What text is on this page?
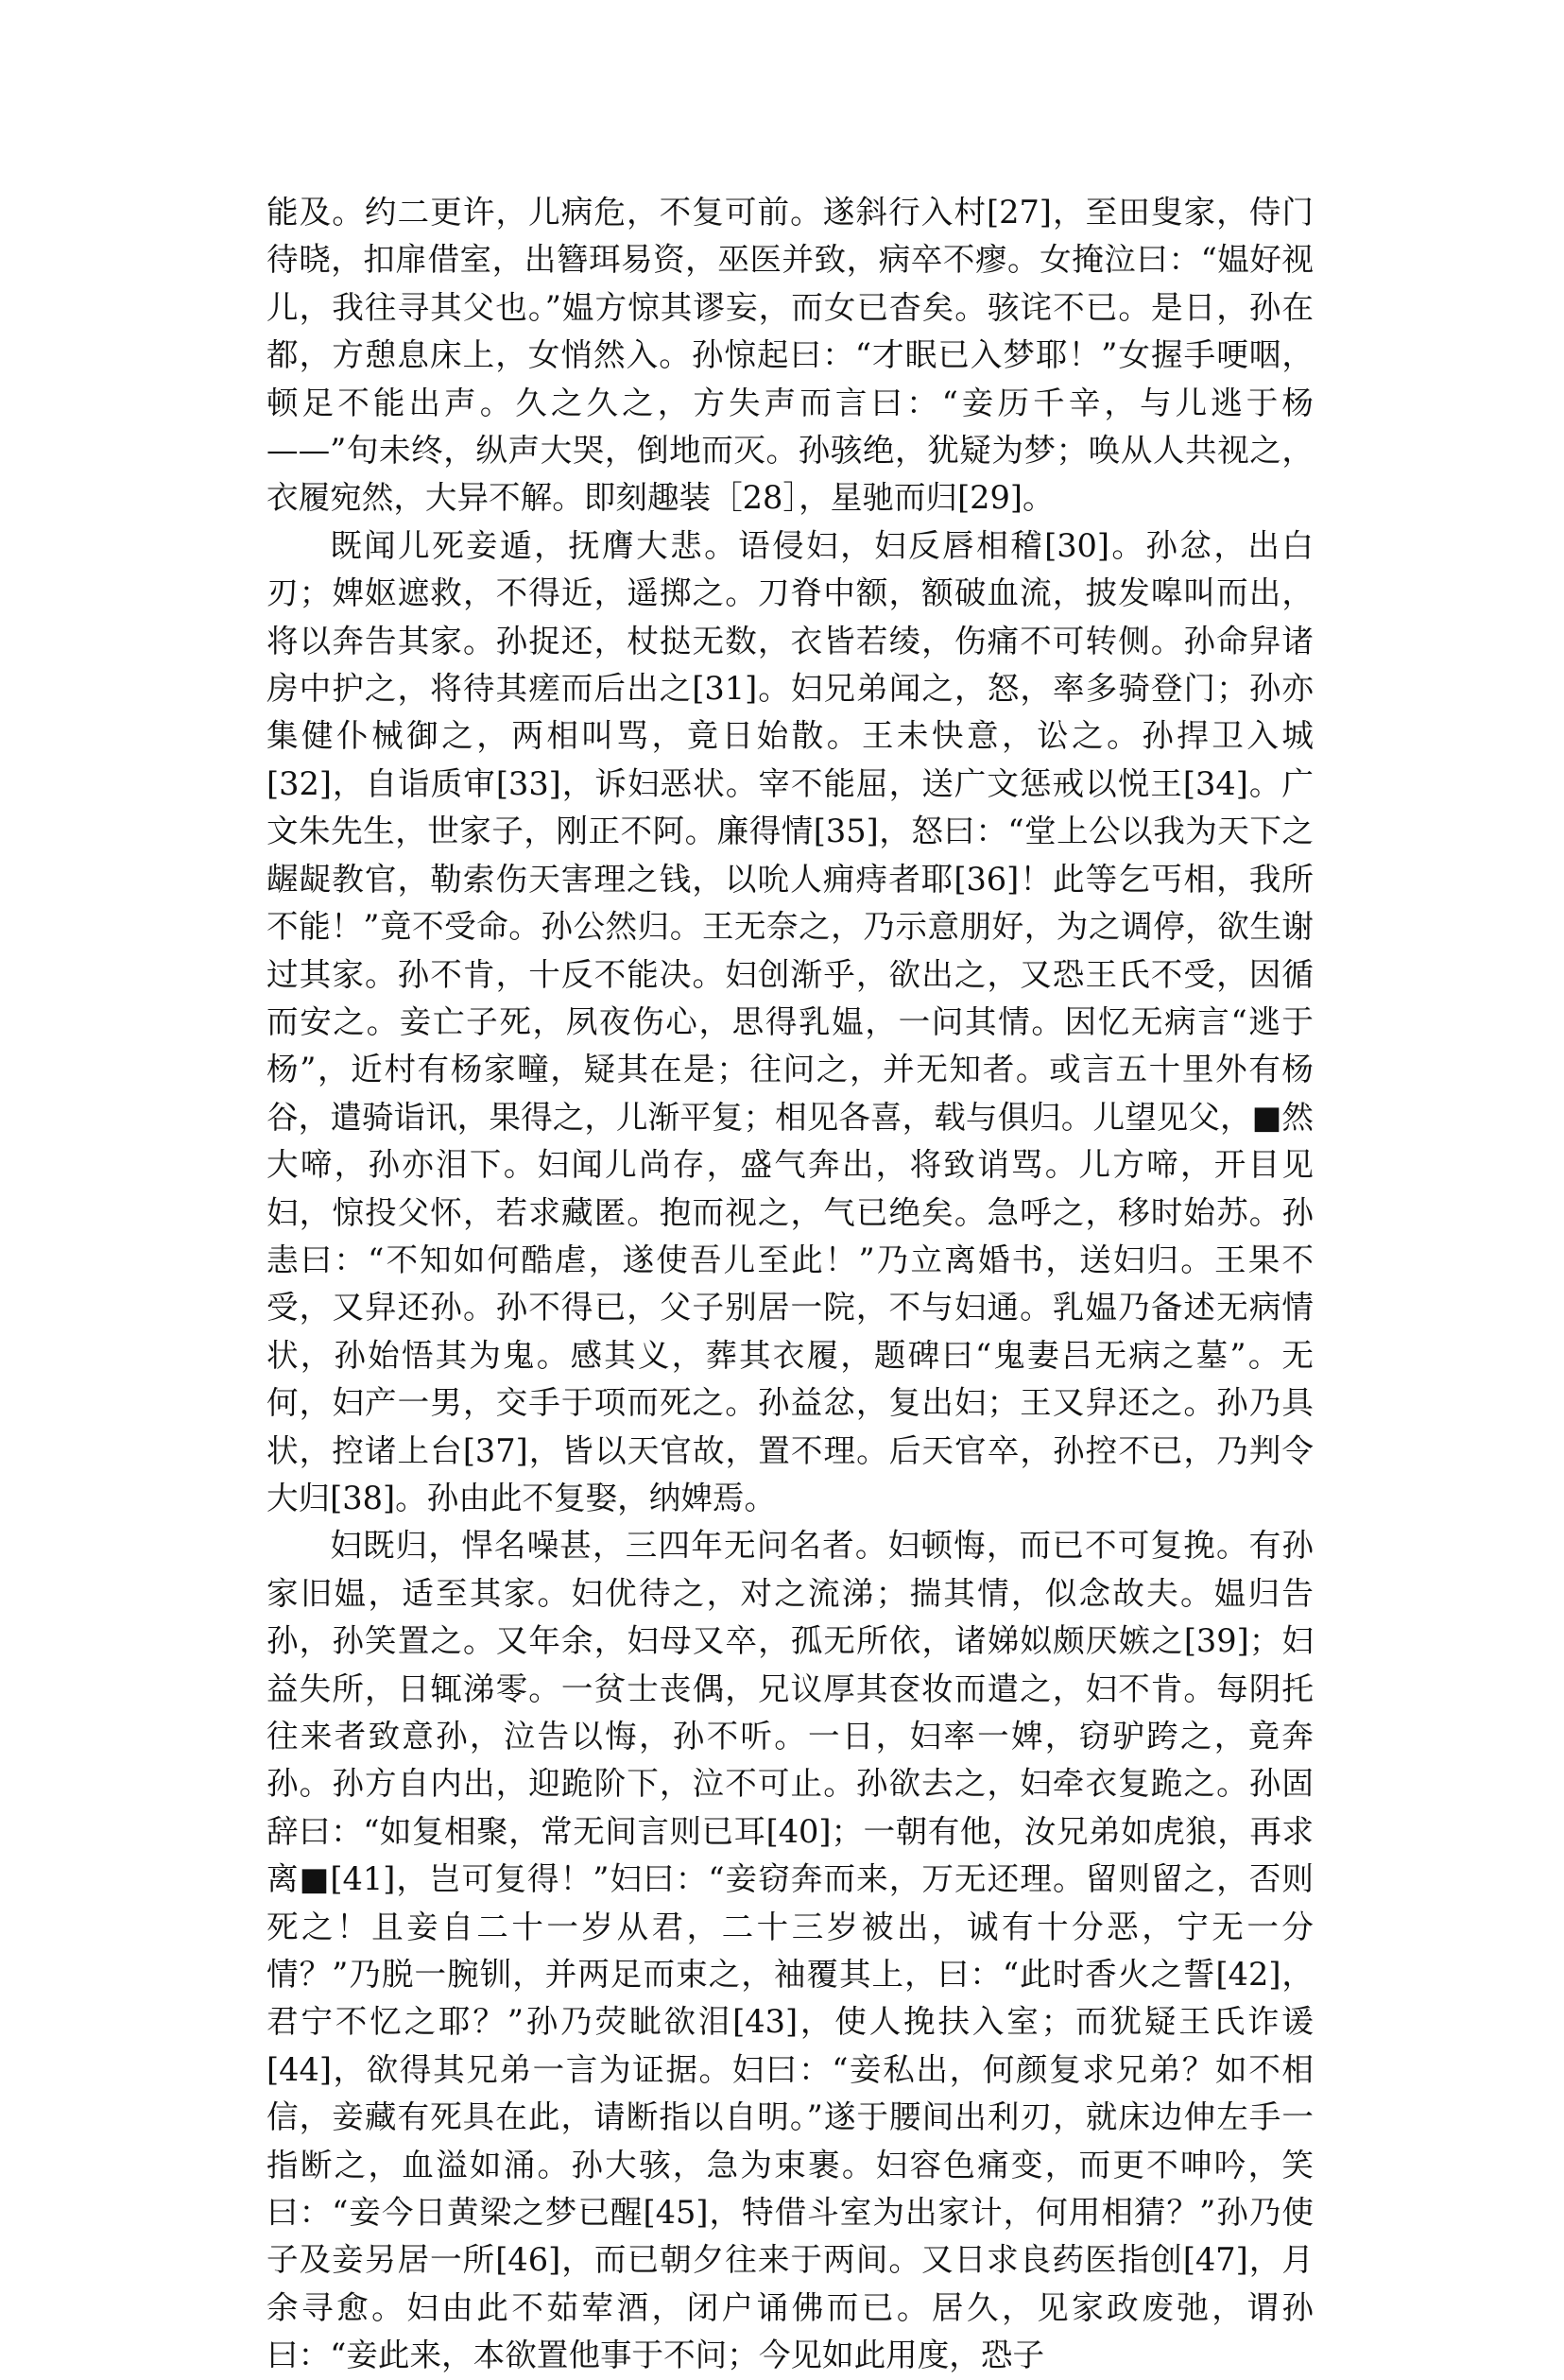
能及。约二更许，儿病危，不复可前。遂斜行入村[27]，至田叟家，侍门待晓，扣扉借室，出簪珥易资，巫医并致，病卒不瘳。女掩泣曰：“媪好视儿，我往寻其父也。”媪方惊其谬妄，而女已杳矣。骇诧不已。是日，孙在都，方憩息床上，女悄然入。孙惊起曰：“才眠已入梦耶！”女握手哽咽，顿足不能出声。久之久之，方失声而言曰：“妾历千辛，与儿逃于杨——”句未终，纵声大哭，倒地而灭。孙骇绝，犹疑为梦；唤从人共视之，衣履宛然，大异不解。即刻趣装［28］，星驰而归[29]。

既闻儿死妾遁，抚膺大悲。语侵妇，妇反唇相稽[30]。孙忿，出白刃；婢妪遮救，不得近，遥掷之。刀脊中额，额破血流，披发嗥叫而出，将以奔告其家。孙捉还，杖挞无数，衣皆若绫，伤痛不可转侧。孙命舁诸房中护之，将待其瘥而后出之[31]。妇兄弟闻之，怒，率多骑登门；孙亦集健仆械御之，两相叫骂，竟日始散。王未快意，讼之。孙捍卫入城[32]，自诣质审[33]，诉妇恶状。宰不能屈，送广文惩戒以悦王[34]。广文朱先生，世家子，刚正不阿。廉得情[35]，怒曰：“堂上公以我为天下之龌龊教官，勒索伤天害理之钱，以吮人痈痔者耶[36]！此等乞丐相，我所不能！”竟不受命。孙公然归。王无奈之，乃示意朋好，为之调停，欲生谢过其家。孙不肯，十反不能决。妇创渐乎，欲出之，又恐王氏不受，因循而安之。妾亡子死，夙夜伤心，思得乳媪，一问其情。因忆无病言“逃于杨”，近村有杨家疃，疑其在是；往问之，并无知者。或言五十里外有杨谷，遣骑诣讯，果得之，儿渐平复；相见各喜，载与俱归。儿望见父，■然大啼，孙亦泪下。妇闻儿尚存，盛气奔出，将致诮骂。儿方啼，开目见妇，惊投父怀，若求藏匿。抱而视之，气已绝矣。急呼之，移时始苏。孙恚曰：“不知如何酷虐，遂使吾儿至此！”乃立离婚书，送妇归。王果不受，又舁还孙。孙不得已，父子别居一院，不与妇通。乳媪乃备述无病情状，孙始悟其为鬼。感其义，葬其衣履，题碑曰“鬼妻吕无病之墓”。无何，妇产一男，交手于项而死之。孙益忿，复出妇；王又舁还之。孙乃具状，控诸上台[37]，皆以天官故，置不理。后天官卒，孙控不已，乃判令大归[38]。孙由此不复娶，纳婢焉。

妇既归，悍名噪甚，三四年无问名者。妇顿悔，而已不可复挽。有孙家旧媪，适至其家。妇优待之，对之流涕；揣其情，似念故夫。媪归告孙，孙笑置之。又年余，妇母又卒，孤无所依，诸娣姒颇厌嫉之[39]；妇益失所，日辄涕零。一贫士丧偶，兄议厚其奁妆而遣之，妇不肯。每阴托往来者致意孙，泣告以悔，孙不听。一日，妇率一婢，窃驴跨之，竟奔孙。孙方自内出，迎跪阶下，泣不可止。孙欲去之，妇牵衣复跪之。孙固辞曰：“如复相聚，常无间言则已耳[40]；一朝有他，汝兄弟如虎狼，再求离■[41]，岂可复得！”妇曰：“妾窃奔而来，万无还理。留则留之，否则死之！且妾自二十一岁从君，二十三岁被出，诚有十分恶，宁无一分情？”乃脱一腕钏，并两足而束之，袖覆其上，曰：“此时香火之誓[42]，君宁不忆之耶？”孙乃荧眦欲泪[43]，使人挽扶入室；而犹疑王氏诈谖[44]，欲得其兄弟一言为证据。妇曰：“妾私出，何颜复求兄弟？如不相信，妾藏有死具在此，请断指以自明。”遂于腰间出利刃，就床边伸左手一指断之，血溢如涌。孙大骇，急为束裹。妇容色痛变，而更不呻吟，笑曰：“妾今日黄梁之梦已醒[45]，特借斗室为出家计，何用相猜？”孙乃使子及妾另居一所[46]，而已朝夕往来于两间。又日求良药医指创[47]，月余寻愈。妇由此不茹荤酒，闭户诵佛而已。居久，见家政废弛，谓孙曰：“妾此来，本欲置他事于不问；今见如此用度，恐子
